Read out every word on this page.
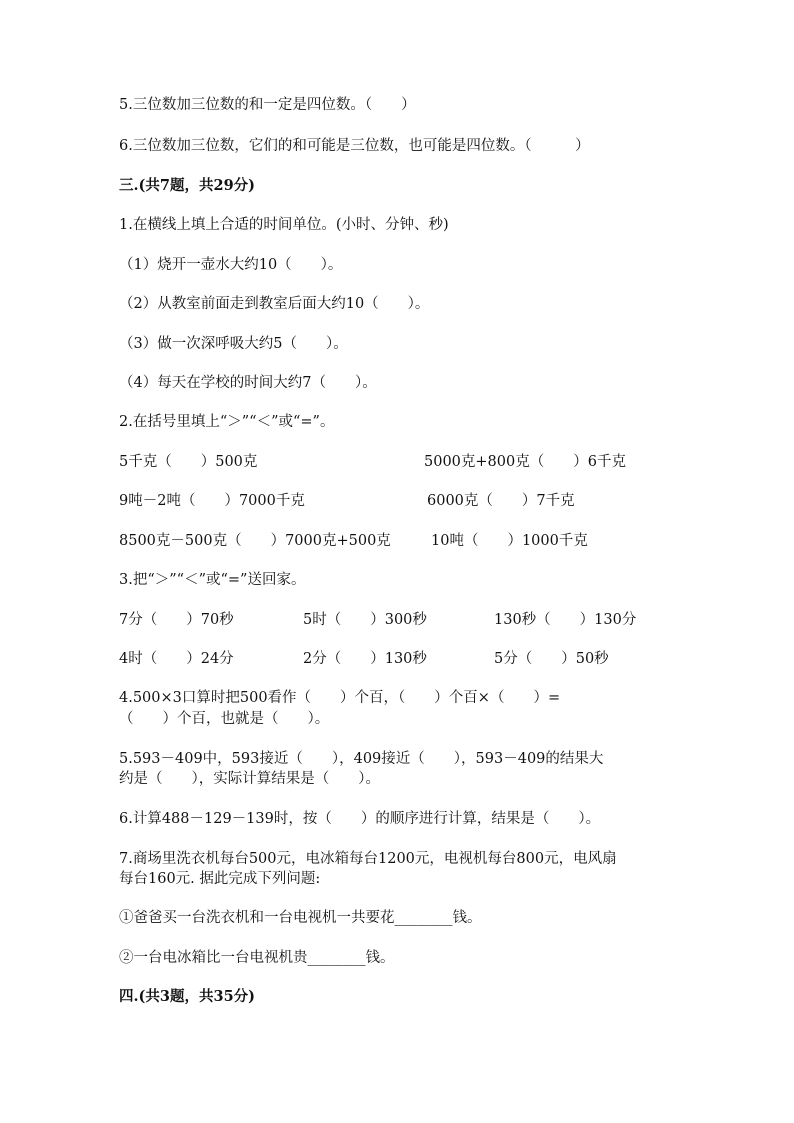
5.三位数加三位数的和一定是四位数。（　　）
6.三位数加三位数，它们的和可能是三位数，也可能是四位数。（　　　）
三.(共7题，共29分)
1.在横线上填上合适的时间单位。(小时、分钟、秒)
（1）烧开一壶水大约10（　　）。
（2）从教室前面走到教室后面大约10（　　）。
（3）做一次深呼吸大约5（　　）。
（4）每天在学校的时间大约7（　　）。
2.在括号里填上“＞”“＜”或“=”。
5千克（　　）500克	5000克+800克（　　）6千克
9吨－2吨（　　）7000千克	6000克（　　）7千克
8500克－500克（　　）7000克+500克	10吨（　　）1000千克
3.把“＞”“＜”或“=”送回家。
7分（　　）70秒	5时（　　）300秒	130秒（　　）130分
4时（　　）24分	2分（　　）130秒	5分（　　）50秒
4.500×3口算时把500看作（　　）个百，（　　）个百×（　　）=
（　　）个百，也就是（　　）。
5.593－409中，593接近（　　），409接近（　　），593－409的结果大
约是（　　），实际计算结果是（　　）。
6.计算488－129－139时，按（　　）的顺序进行计算，结果是（　　）。
7.商场里洗衣机每台500元，电冰箱每台1200元，电视机每台800元，电风扇
每台160元. 据此完成下列问题:
①爸爸买一台洗衣机和一台电视机一共要花________钱。
②一台电冰箱比一台电视机贵________钱。
四.(共3题，共35分)
